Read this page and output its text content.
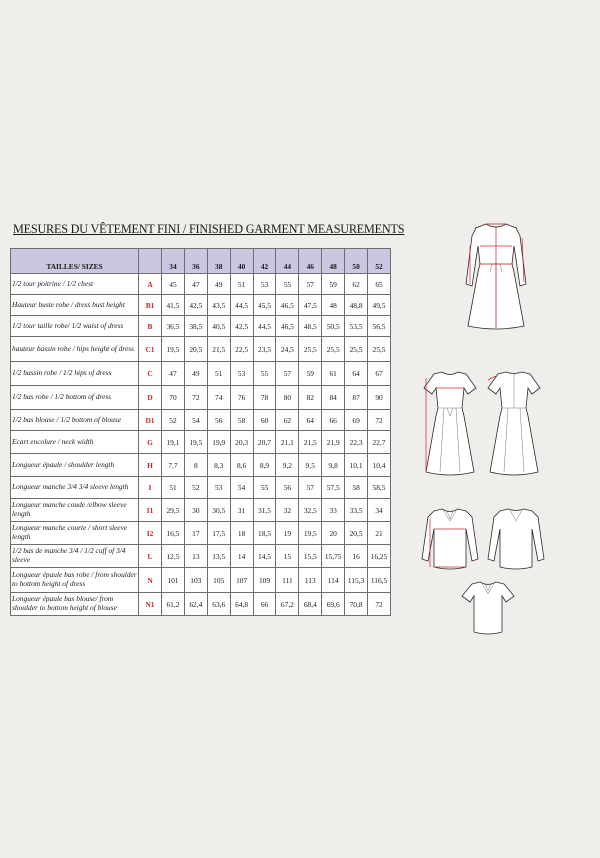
MESURES DU VÊTEMENT FINI / FINISHED GARMENT MEASUREMENTS
TAILLES/ SIZES		34	36	38	40	42	44	46	48	50	52
1/2 tour poitrine / 1/2 chest	A	45	47	49	51	53	55	57	59	62	65
Hauteur buste robe / dress bust height	B1	41,5	42,5	43,5	44,5	45,5	46,5	47,5	48	48,8	49,5
1/2 tour taille robe/ 1/2 waist of dress	B	36,5	38,5	40,5	42,5	44,5	46,5	48,5	50,5	53,5	56,5
hauteur bassin robe / hips height of dress	C1	19,5	20,5	21,5	22,5	23,5	24,5	25,5	25,5	25,5	25,5
1/2 bassin robe / 1/2 hips of dress	C	47	49	51	53	55	57	59	61	64	67
1/2 bas robe / 1/2 bottom of dress	D	70	72	74	76	78	80	82	84	87	90
1/2 bas blouse / 1/2 bottom of blouse	D1	52	54	56	58	60	62	64	66	69	72
Ecart encolure / neck width	G	19,1	19,5	19,9	20,3	20,7	21,1	21,5	21,9	22,3	22,7
Longueur épaule / shoulder length	H	7,7	8	8,3	8,6	8,9	9,2	9,5	9,8	10,1	10,4
Longueur manche 3/4 3/4 sleeve length	I	51	52	53	54	55	56	57	57,5	58	58,5
Longueur manche coude /elbow sleeve length	I1	29,5	30	30,5	31	31,5	32	32,5	33	33,5	34
Longueur manche courte / short sleeve length	I2	16,5	17	17,5	18	18,5	19	19,5	20	20,5	21
1/2 bas de manche 3/4 / 1/2 cuff of 3/4 sleeve	L	12,5	13	13,5	14	14,5	15	15,5	15,75	16	16,25
Longueur épaule bas robe / from shoulder to bottom height of dress	N	101	103	105	107	109	111	113	114	115,3	116,5
Longueur épaule bas blouse/ from shoulder to bottom height of blouse	N1	61,2	62,4	63,6	64,8	66	67,2	68,4	69,6	70,8	72
